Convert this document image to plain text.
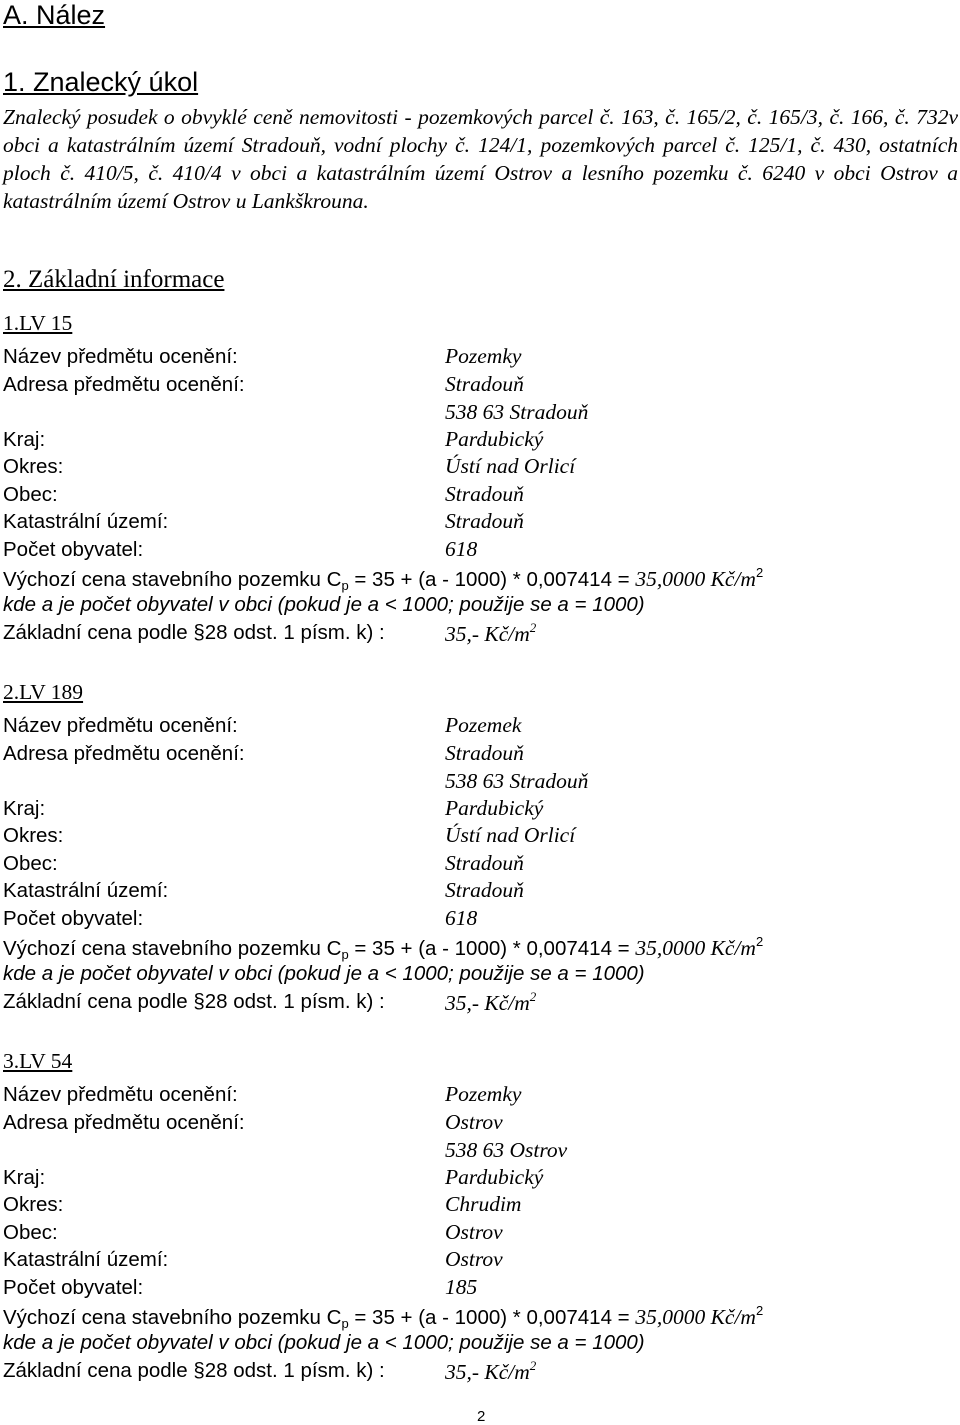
A. Nález
1. Znalecký úkol

Znalecký posudek o obvyklé ceně nemovitosti - pozemkových parcel č. 163, č. 165/2, č. 165/3, č. 166, č. 732v obci a katastrálním území Stradouň, vodní plochy č. 124/1, pozemkových parcel č. 125/1, č. 430, ostatních ploch č. 410/5, č. 410/4 v obci a katastrálním území Ostrov a lesního pozemku č. 6240 v obci Ostrov a katastrálním území Ostrov u Lankškrouna.

2. Základní informace
1.LV 15
Název předmětu ocenění:	Pozemky
Adresa předmětu ocenění:	Stradouň
538 63 Stradouň
Kraj:	Pardubický
Okres:	Ústí nad Orlicí
Obec:	Stradouň
Katastrální území:	Stradouň
Počet obyvatel:	618
Výchozí cena stavebního pozemku $C_p = 35 + (a - 1000) * 0,007414 = 35,0000$ $Kč/m^2$
kde a je počet obyvatel v obci (pokud je a < 1000; použije se a = 1000)
Základní cena podle §28 odst. 1 písm. k) :	35,- $Kč/m^2$
2.LV 189
Název předmětu ocenění:	Pozemek
Adresa předmětu ocenění:	Stradouň
538 63 Stradouň
Kraj:	Pardubický
Okres:	Ústí nad Orlicí
Obec:	Stradouň
Katastrální území:	Stradouň
Počet obyvatel:	618
Výchozí cena stavebního pozemku $C_p = 35 + (a - 1000) * 0,007414 = 35,0000$ $Kč/m^2$
kde a je počet obyvatel v obci (pokud je a < 1000; použije se a = 1000)
Základní cena podle §28 odst. 1 písm. k) :	35,- $Kč/m^2$
3.LV 54
Název předmětu ocenění:	Pozemky
Adresa předmětu ocenění:	Ostrov
538 63 Ostrov
Kraj:	Pardubický
Okres:	Chrudim
Obec:	Ostrov
Katastrální území:	Ostrov
Počet obyvatel:	185
Výchozí cena stavebního pozemku $C_p = 35 + (a - 1000) * 0,007414 = 35,0000$ $Kč/m^2$
kde a je počet obyvatel v obci (pokud je a < 1000; použije se a = 1000)
Základní cena podle §28 odst. 1 písm. k) :	35,- $Kč/m^2$
2
